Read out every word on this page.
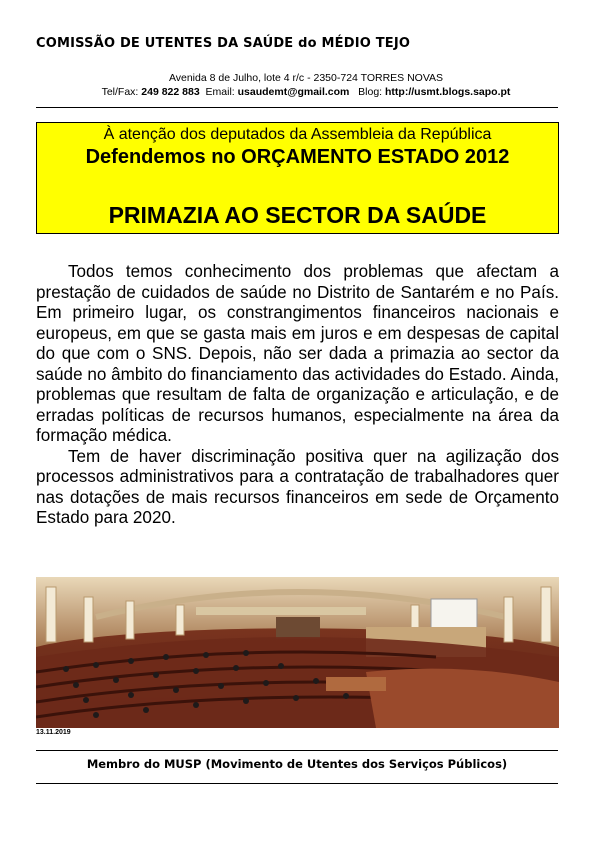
COMISSÃO DE UTENTES DA SAÚDE do MÉDIO TEJO
Avenida 8 de Julho, lote 4 r/c - 2350-724 TORRES NOVAS
Tel/Fax: 249 822 883  Email: usaudemt@gmail.com   Blog: http://usmt.blogs.sapo.pt
À atenção dos deputados da Assembleia da República
Defendemos no ORÇAMENTO ESTADO 2012
PRIMAZIA AO SECTOR DA SAÚDE

Todos temos conhecimento dos problemas que afectam a prestação de cuidados de saúde no Distrito de Santarém e no País. Em primeiro lugar, os constrangimentos financeiros nacionais e europeus, em que se gasta mais em juros e em despesas de capital do que com o SNS. Depois, não ser dada a primazia ao sector da saúde no âmbito do financiamento das actividades do Estado. Ainda, problemas que resultam de falta de organização e articulação, e de erradas políticas de recursos humanos, especialmente na área da formação médica.

Tem de haver discriminação positiva quer na agilização dos processos administrativos para a contratação de trabalhadores quer nas dotações de mais recursos financeiros em sede de Orçamento Estado para 2020.

13.11.2019
Membro do MUSP (Movimento de Utentes dos Serviços Públicos)
